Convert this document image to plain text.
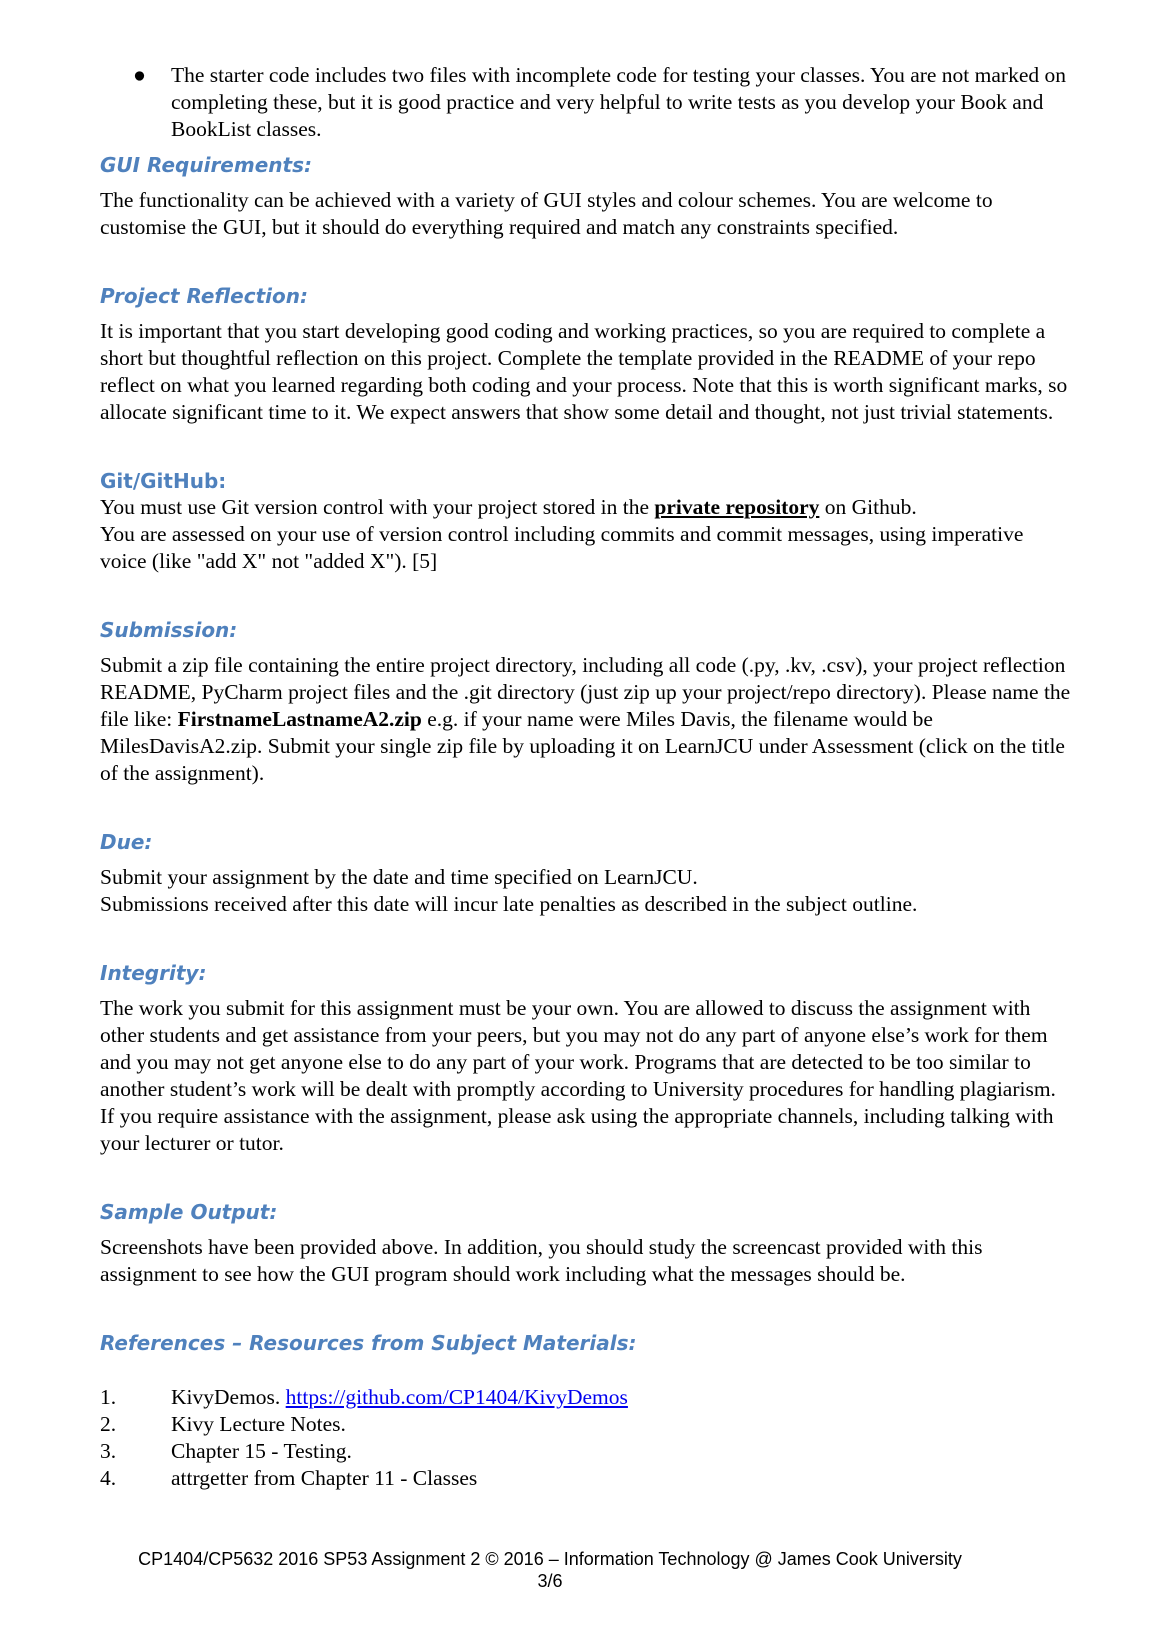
● The starter code includes two files with incomplete code for testing your classes. You are not marked on completing these, but it is good practice and very helpful to write tests as you develop your Book and BookList classes.
GUI Requirements:

The functionality can be achieved with a variety of GUI styles and colour schemes. You are welcome to customise the GUI, but it should do everything required and match any constraints specified.

Project Reflection:

It is important that you start developing good coding and working practices, so you are required to complete a short but thoughtful reflection on this project. Complete the template provided in the README of your repo reflect on what you learned regarding both coding and your process. Note that this is worth significant marks, so allocate significant time to it. We expect answers that show some detail and thought, not just trivial statements.

Git/GitHub:

You must use Git version control with your project stored in the private repository on Github.

You are assessed on your use of version control including commits and commit messages, using imperative voice (like "add X" not "added X"). [5]

Submission:

Submit a zip file containing the entire project directory, including all code (.py, .kv, .csv), your project reflection README, PyCharm project files and the .git directory (just zip up your project/repo directory). Please name the file like: FirstnameLastnameA2.zip e.g. if your name were Miles Davis, the filename would be MilesDavisA2.zip. Submit your single zip file by uploading it on LearnJCU under Assessment (click on the title of the assignment).

Due:

Submit your assignment by the date and time specified on LearnJCU.

Submissions received after this date will incur late penalties as described in the subject outline.

Integrity:

The work you submit for this assignment must be your own. You are allowed to discuss the assignment with other students and get assistance from your peers, but you may not do any part of anyone else’s work for them and you may not get anyone else to do any part of your work. Programs that are detected to be too similar to another student’s work will be dealt with promptly according to University procedures for handling plagiarism.

If you require assistance with the assignment, please ask using the appropriate channels, including talking with your lecturer or tutor.

Sample Output:

Screenshots have been provided above. In addition, you should study the screencast provided with this assignment to see how the GUI program should work including what the messages should be.

References – Resources from Subject Materials:
1.	KivyDemos. https://github.com/CP1404/KivyDemos
2.	Kivy Lecture Notes.
3.	Chapter 15 - Testing.
4.	attrgetter from Chapter 11 - Classes
CP1404/CP5632 2016 SP53 Assignment 2 © 2016 – Information Technology @ James Cook University
3/6
